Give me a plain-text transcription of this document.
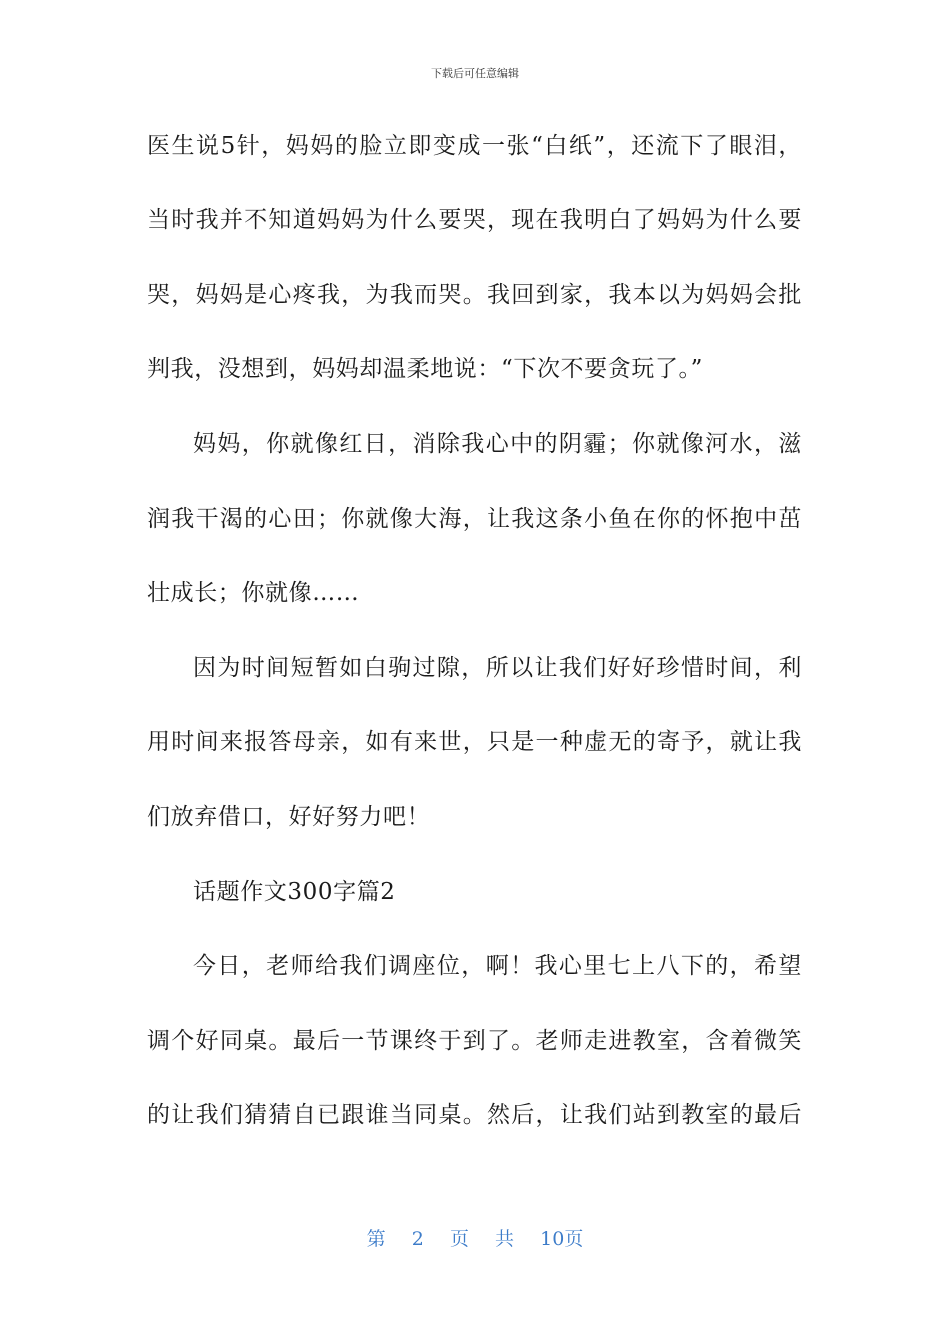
下载后可任意编辑
医生说5针，妈妈的脸立即变成一张“白纸”，还流下了眼泪，
当时我并不知道妈妈为什么要哭，现在我明白了妈妈为什么要
哭，妈妈是心疼我，为我而哭。我回到家，我本以为妈妈会批
判我，没想到，妈妈却温柔地说：“下次不要贪玩了。”
妈妈，你就像红日，消除我心中的阴霾；你就像河水，滋
润我干渴的心田；你就像大海，让我这条小鱼在你的怀抱中茁
壮成长；你就像……
因为时间短暂如白驹过隙，所以让我们好好珍惜时间，利
用时间来报答母亲，如有来世，只是一种虚无的寄予，就让我
们放弃借口，好好努力吧！
话题作文300字篇2
今日，老师给我们调座位，啊！我心里七上八下的，希望
调个好同桌。最后一节课终于到了。老师走进教室，含着微笑
的让我们猜猜自已跟谁当同桌。然后，让我们站到教室的最后
第 2 页 共 10页
